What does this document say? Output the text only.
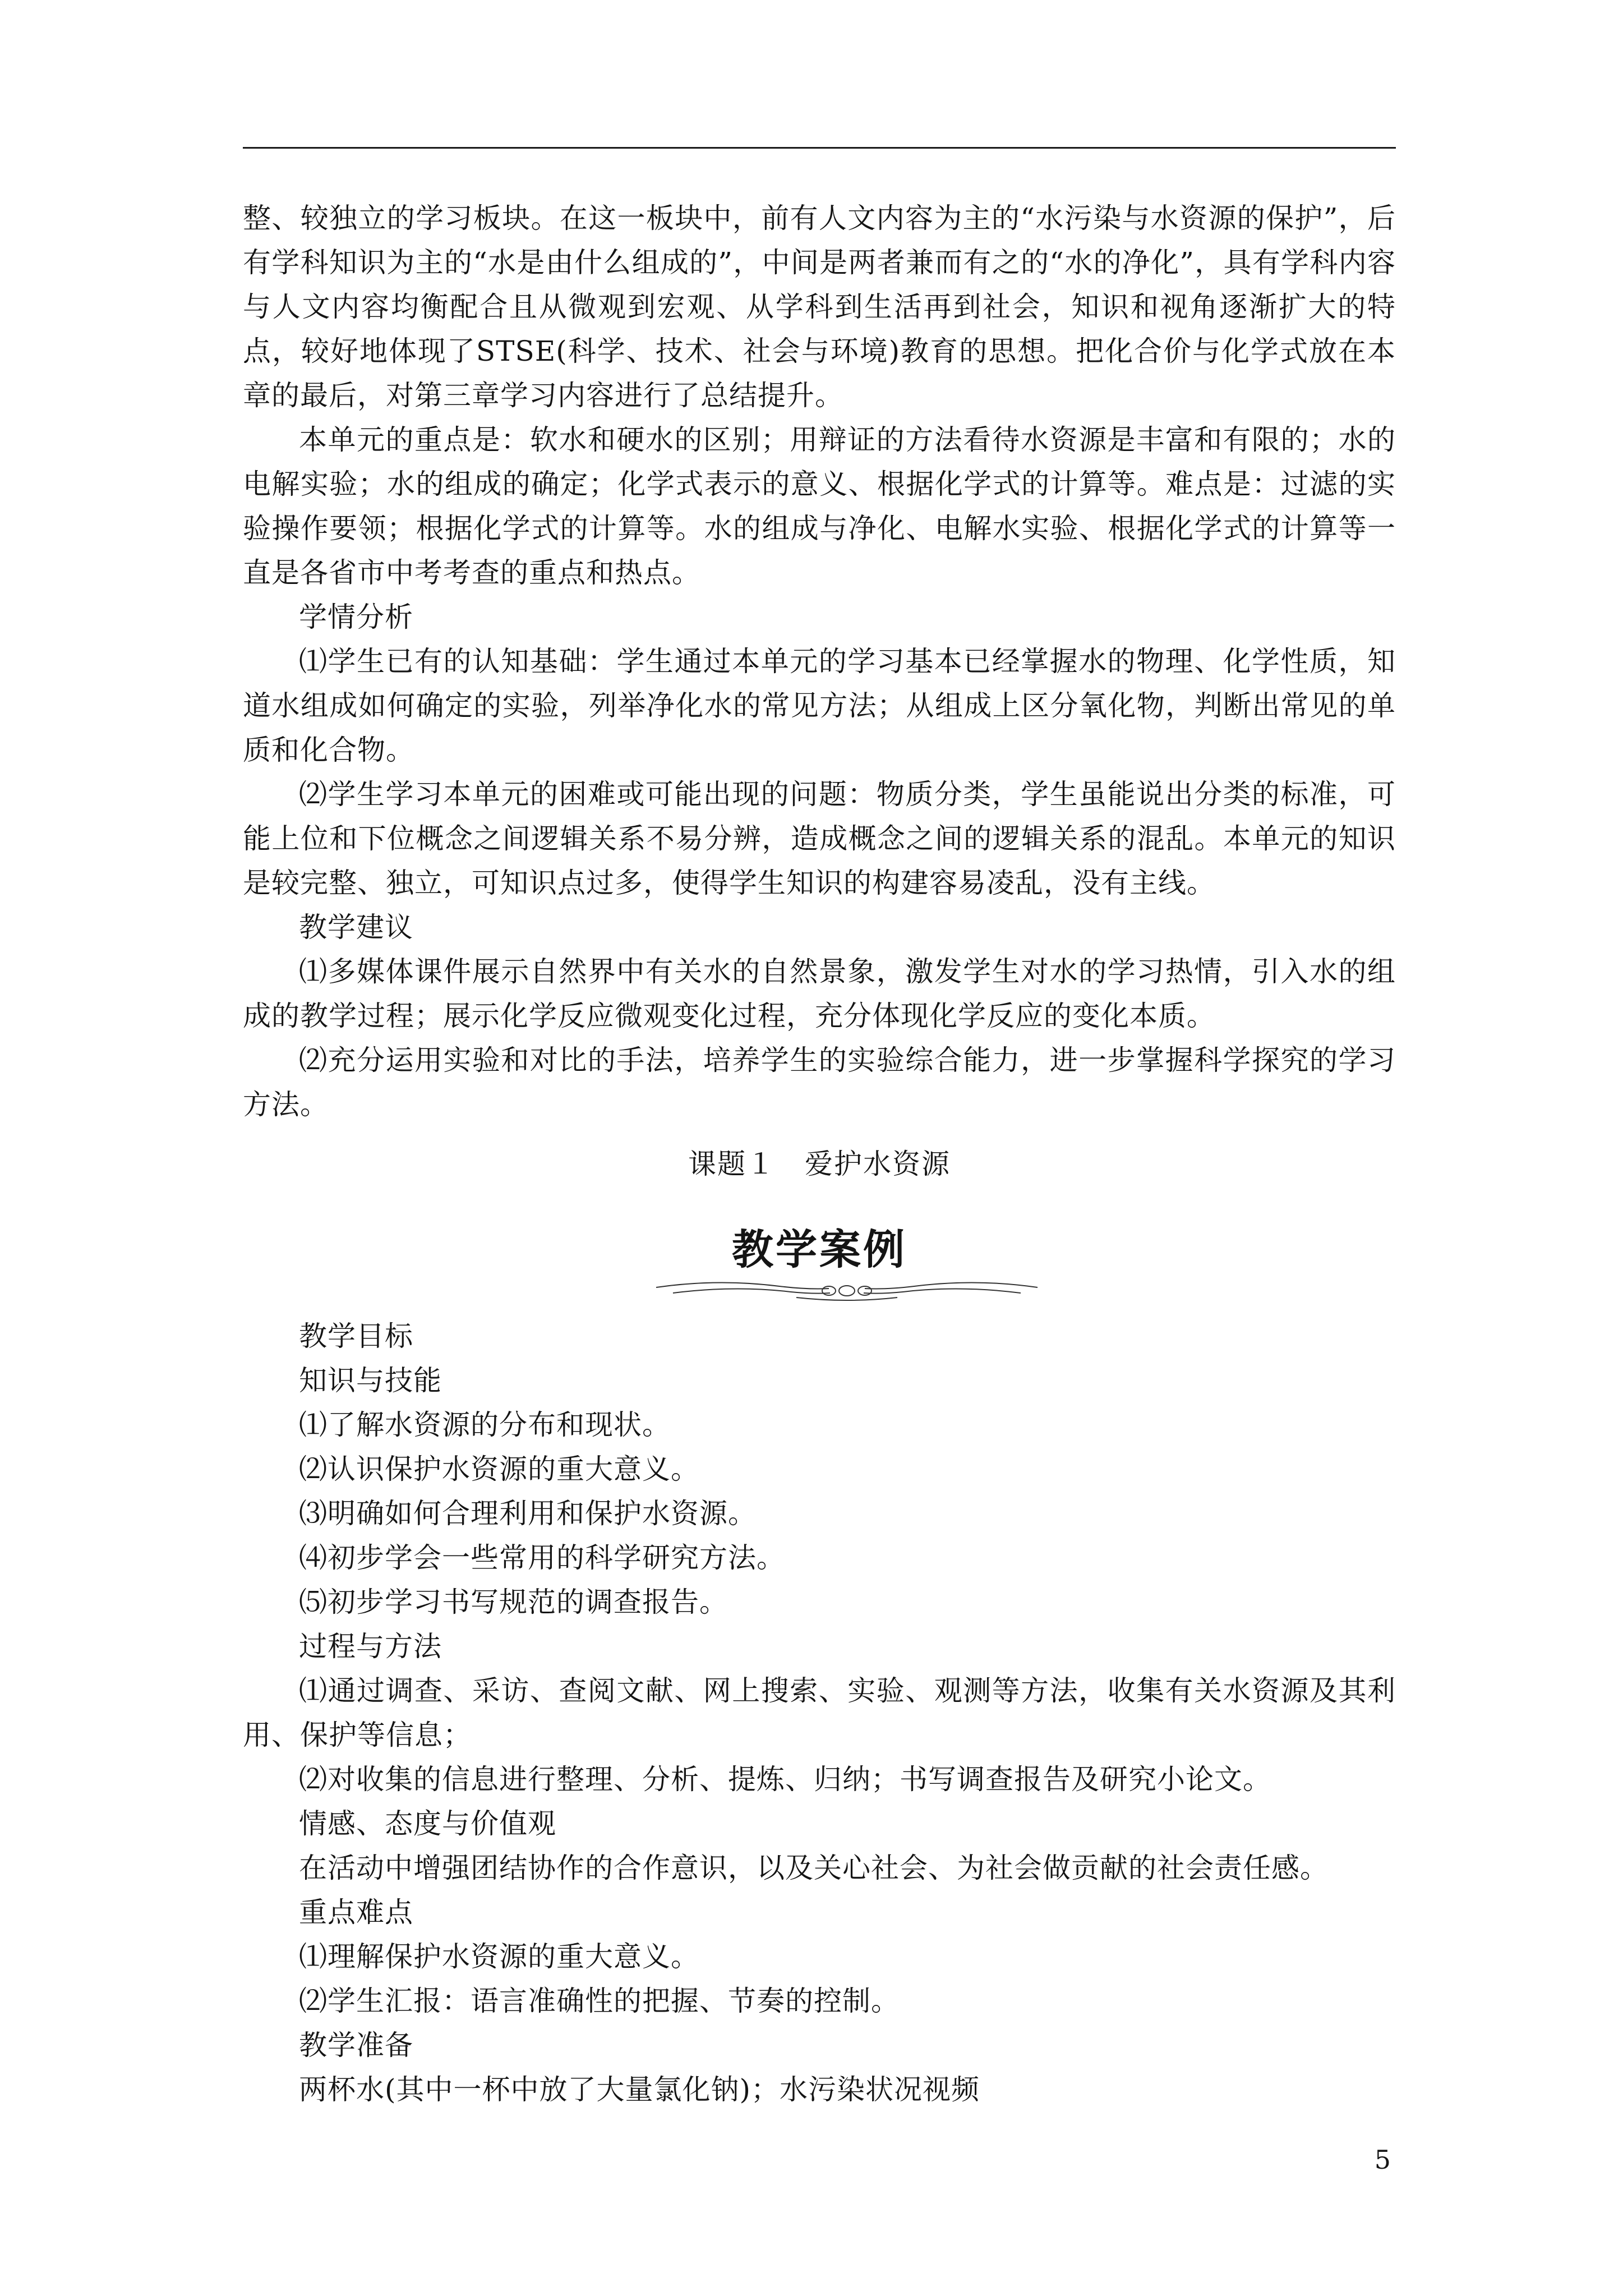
整、较独立的学习板块。在这一板块中，前有人文内容为主的“水污染与水资源的保护”，后有学科知识为主的“水是由什么组成的”，中间是两者兼而有之的“水的净化”，具有学科内容与人文内容均衡配合且从微观到宏观、从学科到生活再到社会，知识和视角逐渐扩大的特点，较好地体现了STSE(科学、技术、社会与环境)教育的思想。把化合价与化学式放在本章的最后，对第三章学习内容进行了总结提升。

本单元的重点是：软水和硬水的区别；用辩证的方法看待水资源是丰富和有限的；水的电解实验；水的组成的确定；化学式表示的意义、根据化学式的计算等。难点是：过滤的实验操作要领；根据化学式的计算等。水的组成与净化、电解水实验、根据化学式的计算等一直是各省市中考考查的重点和热点。

学情分析

⑴学生已有的认知基础：学生通过本单元的学习基本已经掌握水的物理、化学性质，知道水组成如何确定的实验，列举净化水的常见方法；从组成上区分氧化物，判断出常见的单质和化合物。

⑵学生学习本单元的困难或可能出现的问题：物质分类，学生虽能说出分类的标准，可能上位和下位概念之间逻辑关系不易分辨，造成概念之间的逻辑关系的混乱。本单元的知识是较完整、独立，可知识点过多，使得学生知识的构建容易凌乱，没有主线。

教学建议

⑴多媒体课件展示自然界中有关水的自然景象，激发学生对水的学习热情，引入水的组成的教学过程；展示化学反应微观变化过程，充分体现化学反应的变化本质。

⑵充分运用实验和对比的手法，培养学生的实验综合能力，进一步掌握科学探究的学习方法。

课题１　爱护水资源
教学案例

教学目标

知识与技能

⑴了解水资源的分布和现状。

⑵认识保护水资源的重大意义。

⑶明确如何合理利用和保护水资源。

⑷初步学会一些常用的科学研究方法。

⑸初步学习书写规范的调查报告。

过程与方法

⑴通过调查、采访、查阅文献、网上搜索、实验、观测等方法，收集有关水资源及其利用、保护等信息；

⑵对收集的信息进行整理、分析、提炼、归纳；书写调查报告及研究小论文。

情感、态度与价值观

在活动中增强团结协作的合作意识，以及关心社会、为社会做贡献的社会责任感。

重点难点

⑴理解保护水资源的重大意义。

⑵学生汇报：语言准确性的把握、节奏的控制。

教学准备

两杯水(其中一杯中放了大量氯化钠)；水污染状况视频

5
